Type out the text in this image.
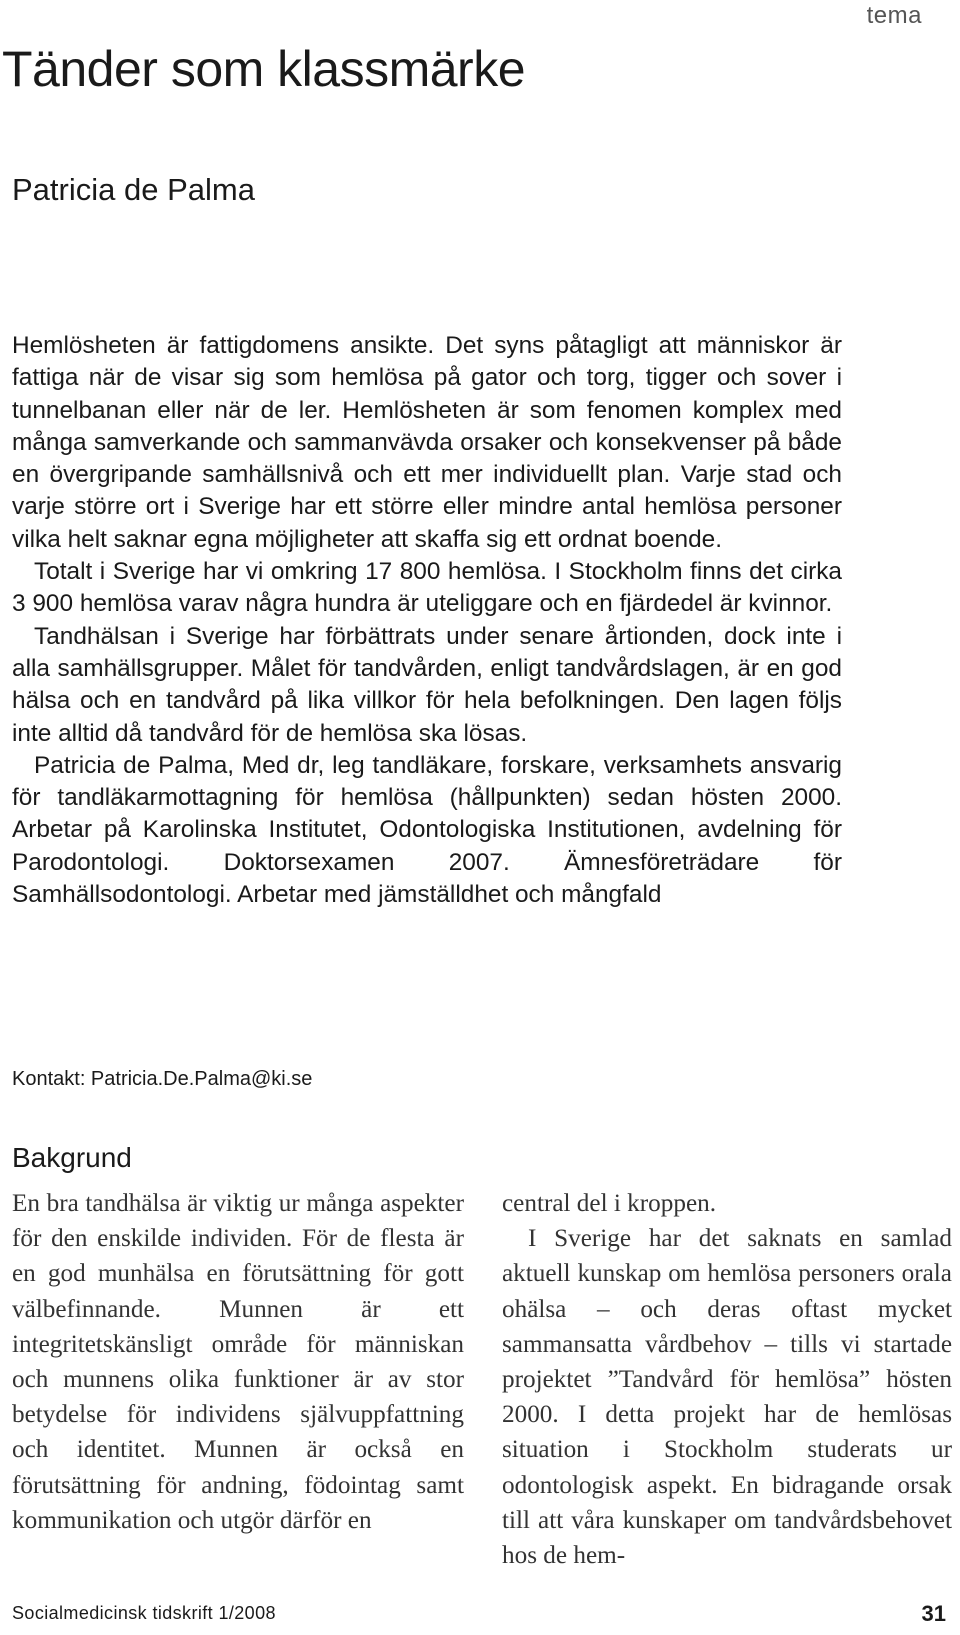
tema
Tänder som klassmärke
Patricia de Palma

Hemlösheten är fattigdomens ansikte. Det syns påtagligt att människor är fattiga när de visar sig som hemlösa på gator och torg, tigger och sover i tunnelbanan eller när de ler. Hemlösheten är som fenomen komplex med många samverkande och sammanvävda orsaker och konsekvenser på både en övergripande samhällsnivå och ett mer individuellt plan. Varje stad och varje större ort i Sverige har ett större eller mindre antal hemlösa personer vilka helt saknar egna möjligheter att skaffa sig ett ordnat boende.

Totalt i Sverige har vi omkring 17 800 hemlösa. I Stockholm finns det cirka 3 900 hemlösa varav några hundra är uteliggare och en fjärdedel är kvinnor.

Tandhälsan i Sverige har förbättrats under senare årtionden, dock inte i alla samhällsgrupper. Målet för tandvården, enligt tandvårdslagen, är en god hälsa och en tandvård på lika villkor för hela befolkningen. Den lagen följs inte alltid då tandvård för de hemlösa ska lösas.

Patricia de Palma, Med dr, leg tandläkare, forskare, verksamhets ansvarig för tandläkarmottagning för hemlösa (hållpunkten) sedan hösten 2000. Arbetar på Karolinska Institutet, Odontologiska Institutionen, avdelning för Parodontologi. Doktorsexamen 2007. Ämnesföreträdare för Samhällsodontologi. Arbetar med jämställdhet och mångfald

Kontakt: Patricia.De.Palma@ki.se
Bakgrund

En bra tandhälsa är viktig ur många aspekter för den enskilde individen. För de flesta är en god munhälsa en förutsättning för gott välbefinnande. Munnen är ett integritetskänsligt område för människan och munnens olika funktioner är av stor betydelse för individens självuppfattning och identitet. Munnen är också en förutsättning för andning, födointag samt kommunikation och utgör därför en

central del i kroppen.

I Sverige har det saknats en samlad aktuell kunskap om hemlösa personers orala ohälsa – och deras oftast mycket sammansatta vårdbehov – tills vi startade projektet ”Tandvård för hemlösa” hösten 2000. I detta projekt har de hemlösas situation i Stockholm studerats ur odontologisk aspekt. En bidragande orsak till att våra kunskaper om tandvårdsbehovet hos de hem-

Socialmedicinsk tidskrift 1/2008	31
